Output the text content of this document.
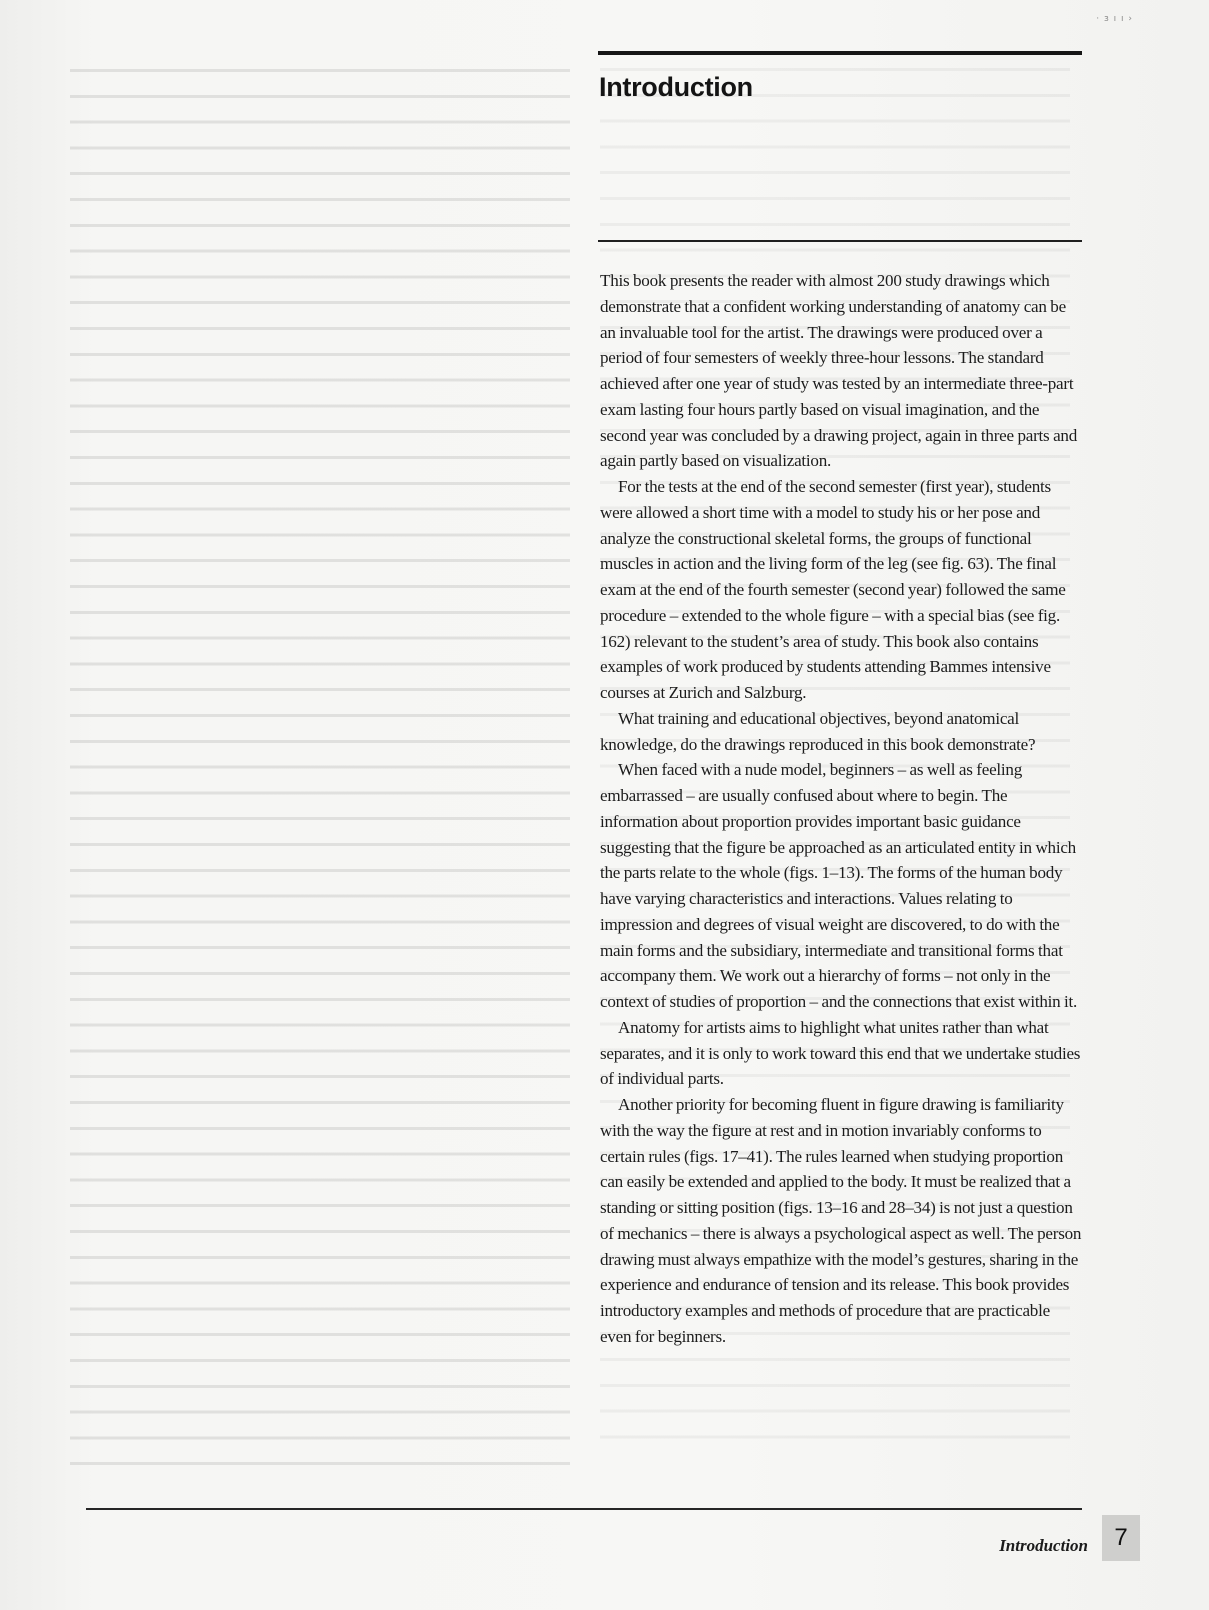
· ɜ ı ı ›
Introduction

This book presents the reader with almost 200 study drawings which demonstrate that a confident working understanding of anatomy can be an invaluable tool for the artist. The drawings were produced over a period of four semesters of weekly three-hour lessons. The standard achieved after one year of study was tested by an intermediate three-part exam lasting four hours partly based on visual imagination, and the second year was concluded by a drawing project, again in three parts and again partly based on visualization.

For the tests at the end of the second semester (first year), students were allowed a short time with a model to study his or her pose and analyze the constructional skeletal forms, the groups of functional muscles in action and the living form of the leg (see fig. 63). The final exam at the end of the fourth semester (second year) followed the same procedure – extended to the whole figure – with a special bias (see fig. 162) relevant to the student’s area of study. This book also contains examples of work produced by students attending Bammes intensive courses at Zurich and Salzburg.

What training and educational objectives, beyond anatomical knowledge, do the drawings reproduced in this book demonstrate?

When faced with a nude model, beginners – as well as feeling embarrassed – are usually confused about where to begin. The information about proportion provides important basic guidance suggesting that the figure be approached as an articulated entity in which the parts relate to the whole (figs. 1–13). The forms of the human body have varying characteristics and interactions. Values relating to impression and degrees of visual weight are discovered, to do with the main forms and the subsidiary, intermediate and transitional forms that accompany them. We work out a hierarchy of forms – not only in the context of studies of proportion – and the connections that exist within it.

Anatomy for artists aims to highlight what unites rather than what separates, and it is only to work toward this end that we undertake studies of individual parts.

Another priority for becoming fluent in figure drawing is familiarity with the way the figure at rest and in motion invariably conforms to certain rules (figs. 17–41). The rules learned when studying proportion can easily be extended and applied to the body. It must be realized that a standing or sitting position (figs. 13–16 and 28–34) is not just a question of mechanics – there is always a psychological aspect as well. The person drawing must always empathize with the model’s gestures, sharing in the experience and endurance of tension and its release. This book provides introductory examples and methods of procedure that are practicable even for beginners.

Introduction 7
